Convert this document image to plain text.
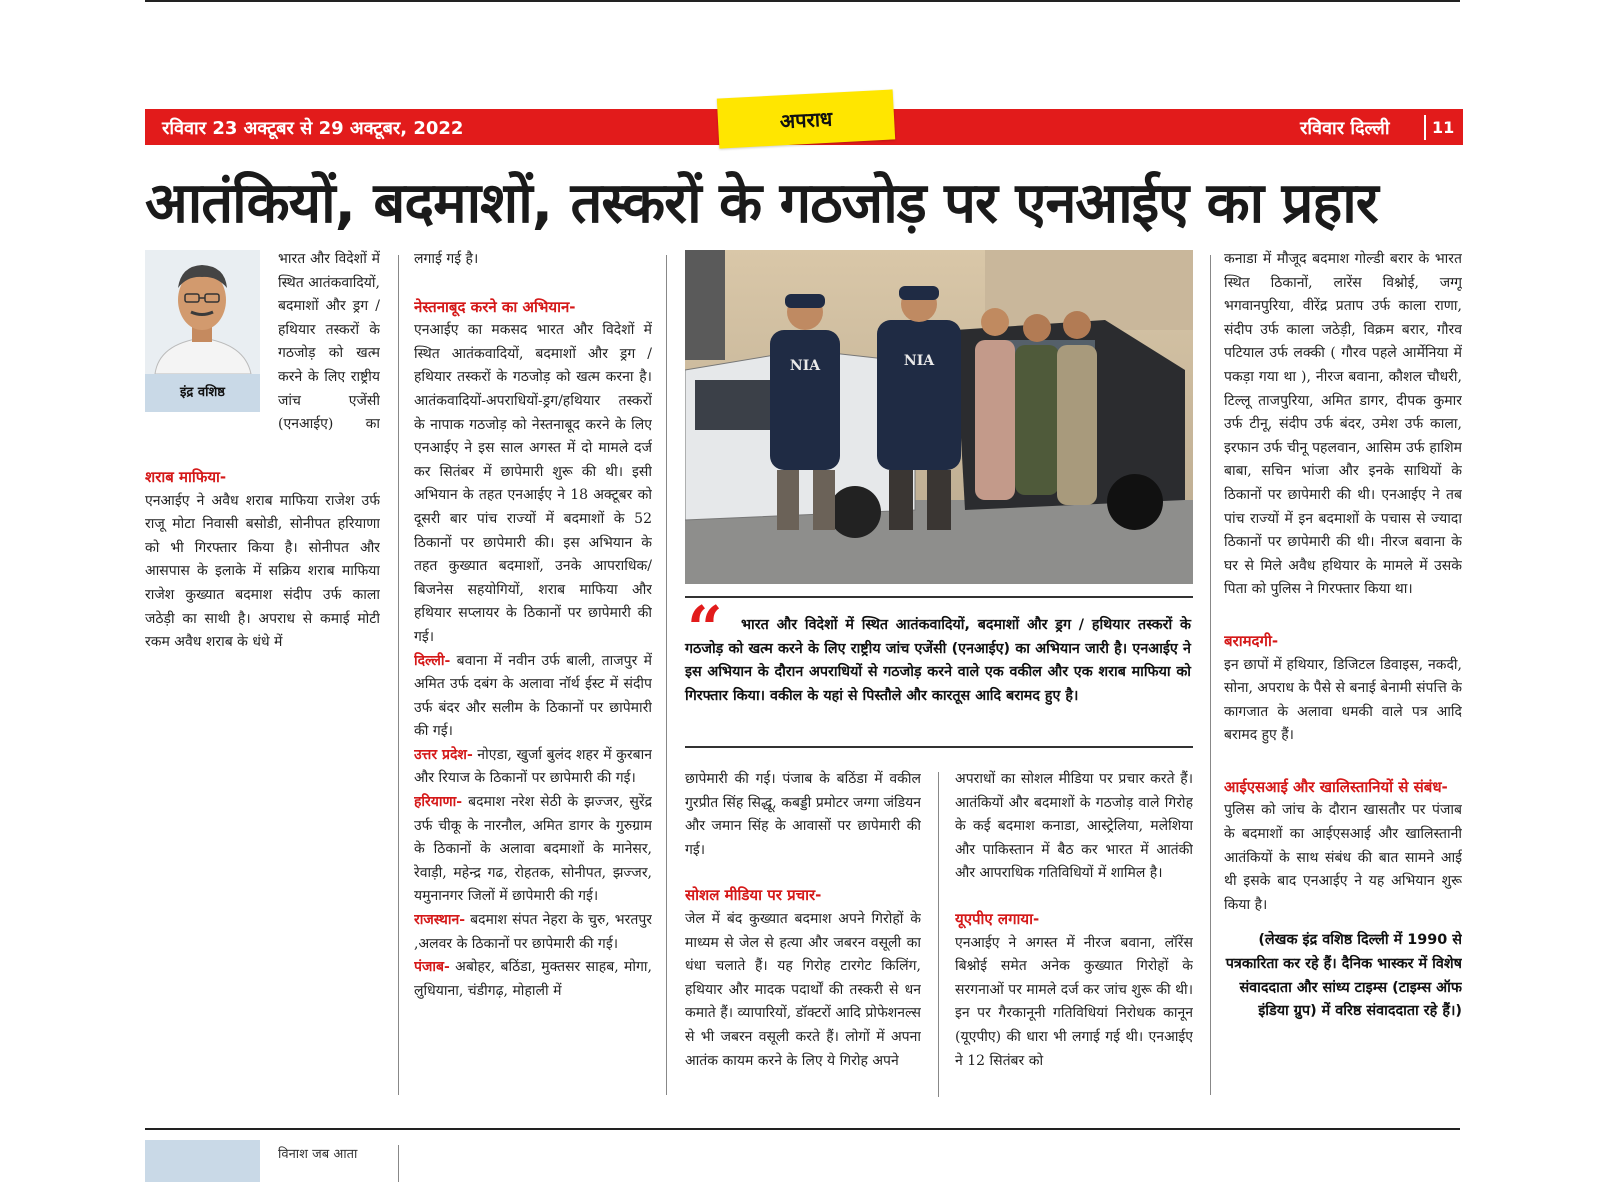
रविवार 23 अक्टूबर से 29 अक्टूबर, 2022	अपराध	रविवार दिल्ली	11
आतंकियों, बदमाशों, तस्करों के गठजोड़ पर एनआईए का प्रहार
इंद्र वशिष्ठ

भारत और विदेशों में स्थित आतंकवादियों, बदमाशों और ड्रग / हथियार तस्करों के गठजोड़ को खत्म करने के लिए राष्ट्रीय जांच एजेंसी (एनआईए) का

शराब माफिया-

एनआईए ने अवैध शराब माफिया राजेश उर्फ राजू मोटा निवासी बसोडी, सोनीपत हरियाणा को भी गिरफ्तार किया है। सोनीपत और आसपास के इलाके में सक्रिय शराब माफिया राजेश कुख्यात बदमाश संदीप उर्फ काला जठेड़ी का साथी है। अपराध से कमाई मोटी रकम अवैध शराब के धंधे में

लगाई गई है।

नेस्तनाबूद करने का अभियान-

एनआईए का मकसद भारत और विदेशों में स्थित आतंकवादियों, बदमाशों और ड्रग / हथियार तस्करों के गठजोड़ को खत्म करना है। आतंकवादियों-अपराधियों-ड्रग/हथियार तस्करों के नापाक गठजोड़ को नेस्तनाबूद करने के लिए एनआईए ने इस साल अगस्त में दो मामले दर्ज कर सितंबर में छापेमारी शुरू की थी। इसी अभियान के तहत एनआईए ने 18 अक्टूबर को दूसरी बार पांच राज्यों में बदमाशों के 52 ठिकानों पर छापेमारी की। इस अभियान के तहत कुख्यात बदमाशों, उनके आपराधिक/बिजनेस सहयोगियों, शराब माफिया और हथियार सप्लायर के ठिकानों पर छापेमारी की गई।

दिल्ली- बवाना में नवीन उर्फ बाली, ताजपुर में अमित उर्फ दबंग के अलावा नॉर्थ ईस्ट में संदीप उर्फ बंदर और सलीम के ठिकानों पर छापेमारी की गई।

उत्तर प्रदेश- नोएडा, खुर्जा बुलंद शहर में कुरबान और रियाज के ठिकानों पर छापेमारी की गई।

हरियाणा- बदमाश नरेश सेठी के झज्जर, सुरेंद्र उर्फ चीकू के नारनौल, अमित डागर के गुरुग्राम के ठिकानों के अलावा बदमाशों के मानेसर, रेवाड़ी, महेन्द्र गढ, रोहतक, सोनीपत, झज्जर, यमुनानगर जिलों में छापेमारी की गई।

राजस्थान- बदमाश संपत नेहरा के चुरु, भरतपुर ,अलवर के ठिकानों पर छापेमारी की गई।

पंजाब- अबोहर, बठिंडा, मुक्तसर साहब, मोगा, लुधियाना, चंडीगढ़, मोहाली में

NIA	NIA
“	भारत और विदेशों में स्थित आतंकवादियों, बदमाशों और ड्रग / हथियार तस्करों के गठजोड़ को खत्म करने के लिए राष्ट्रीय जांच एजेंसी (एनआईए) का अभियान जारी है। एनआईए ने इस अभियान के दौरान अपराधियों से गठजोड़ करने वाले एक वकील और एक शराब माफिया को गिरफ्तार किया। वकील के यहां से पिस्तौले और कारतूस आदि बरामद हुए है।

छापेमारी की गई। पंजाब के बठिंडा में वकील गुरप्रीत सिंह सिद्धू, कबड्डी प्रमोटर जग्गा जंडियन और जमान सिंह के आवासों पर छापेमारी की गई।

सोशल मीडिया पर प्रचार-

जेल में बंद कुख्यात बदमाश अपने गिरोहों के माध्यम से जेल से हत्या और जबरन वसूली का धंधा चलाते हैं। यह गिरोह टारगेट किलिंग, हथियार और मादक पदार्थों की तस्करी से धन कमाते हैं। व्यापारियों, डॉक्टरों आदि प्रोफेशनल्स से भी जबरन वसूली करते हैं। लोगों में अपना आतंक कायम करने के लिए ये गिरोह अपने

अपराधों का सोशल मीडिया पर प्रचार करते हैं। आतंकियों और बदमाशों के गठजोड़ वाले गिरोह के कई बदमाश कनाडा, आस्ट्रेलिया, मलेशिया और पाकिस्तान में बैठ कर भारत में आतंकी और आपराधिक गतिविधियों में शामिल है।

यूएपीए लगाया-

एनआईए ने अगस्त में नीरज बवाना, लॉरेंस बिश्नोई समेत अनेक कुख्यात गिरोहों के सरगनाओं पर मामले दर्ज कर जांच शुरू की थी। इन पर गैरकानूनी गतिविधियां निरोधक कानून (यूएपीए) की धारा भी लगाई गई थी। एनआईए ने 12 सितंबर को

कनाडा में मौजूद बदमाश गोल्डी बरार के भारत स्थित ठिकानों, लारेंस विश्नोई, जग्गू भगवानपुरिया, वीरेंद्र प्रताप उर्फ काला राणा, संदीप उर्फ काला जठेड़ी, विक्रम बरार, गौरव पटियाल उर्फ लक्की ( गौरव पहले आर्मेनिया में पकड़ा गया था ), नीरज बवाना, कौशल चौधरी, टिल्लू ताजपुरिया, अमित डागर, दीपक कुमार उर्फ टीनू, संदीप उर्फ बंदर, उमेश उर्फ काला, इरफान उर्फ चीनू पहलवान, आसिम उर्फ हाशिम बाबा, सचिन भांजा और इनके साथियों के ठिकानों पर छापेमारी की थी। एनआईए ने तब पांच राज्यों में इन बदमाशों के पचास से ज्यादा ठिकानों पर छापेमारी की थी। नीरज बवाना के घर से मिले अवैध हथियार के मामले में उसके पिता को पुलिस ने गिरफ्तार किया था।

बरामदगी-

इन छापों में हथियार, डिजिटल डिवाइस, नकदी, सोना, अपराध के पैसे से बनाई बेनामी संपत्ति के कागजात के अलावा धमकी वाले पत्र आदि बरामद हुए हैं।

आईएसआई और खालिस्तानियों से संबंध-

पुलिस को जांच के दौरान खासतौर पर पंजाब के बदमाशों का आईएसआई और खालिस्तानी आतंकियों के साथ संबंध की बात सामने आई थी इसके बाद एनआईए ने यह अभियान शुरू किया है।

(लेखक इंद्र वशिष्ठ दिल्ली में 1990 से पत्रकारिता कर रहे हैं। दैनिक भास्कर में विशेष संवाददाता और सांध्य टाइम्स (टाइम्स ऑफ इंडिया ग्रुप) में वरिष्ठ संवाददाता रहे हैं।)

विनाश जब आता
